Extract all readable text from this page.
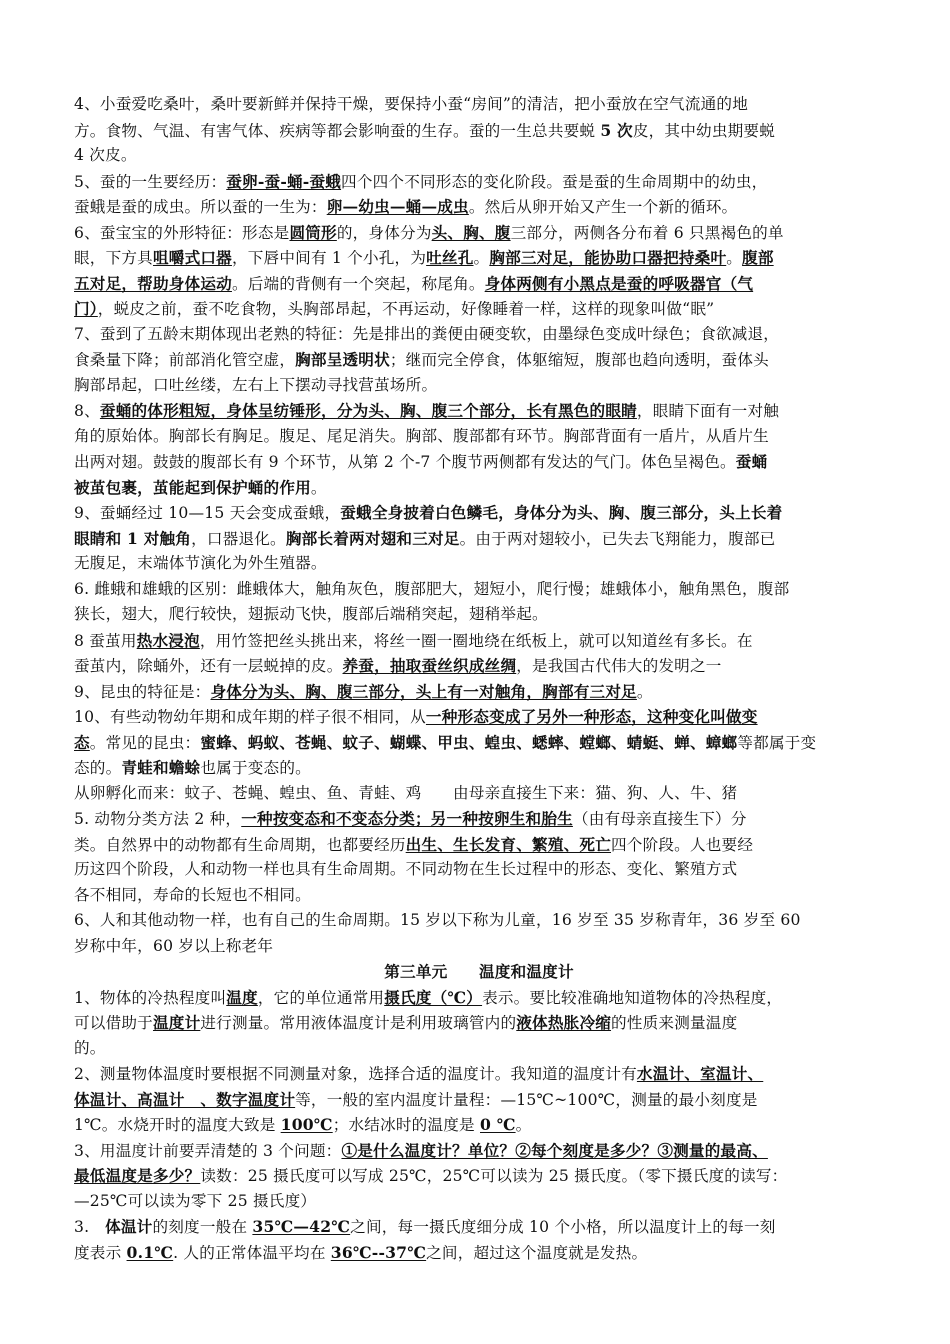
4、小蚕爱吃桑叶，桑叶要新鲜并保持干燥，要保持小蚕“房间”的清洁，把小蚕放在空气流通的地
方。食物、气温、有害气体、疾病等都会影响蚕的生存。蚕的一生总共要蜕 5 次皮，其中幼虫期要蜕
4 次皮。
5、蚕的一生要经历：蚕卵-蚕-蛹-蚕蛾四个四个不同形态的变化阶段。蚕是蚕的生命周期中的幼虫，
蚕蛾是蚕的成虫。所以蚕的一生为：卵—幼虫—蛹—成虫。然后从卵开始又产生一个新的循环。
6、蚕宝宝的外形特征：形态是圆筒形的，身体分为头、胸、腹三部分，两侧各分布着 6 只黑褐色的单
眼，下方具咀嚼式口器，下唇中间有 1 个小孔，为吐丝孔。胸部三对足，能协助口器把持桑叶。腹部
五对足，帮助身体运动。后端的背侧有一个突起，称尾角。身体两侧有小黑点是蚕的呼吸器官（气
门），蜕皮之前，蚕不吃食物，头胸部昂起，不再运动，好像睡着一样，这样的现象叫做“眠”
7、蚕到了五龄末期体现出老熟的特征：先是排出的粪便由硬变软，由墨绿色变成叶绿色；食欲减退，
食桑量下降；前部消化管空虚，胸部呈透明状；继而完全停食，体躯缩短，腹部也趋向透明，蚕体头
胸部昂起，口吐丝缕，左右上下摆动寻找营茧场所。
8、蚕蛹的体形粗短，身体呈纺锤形，分为头、胸、腹三个部分，长有黑色的眼睛，眼睛下面有一对触
角的原始体。胸部长有胸足。腹足、尾足消失。胸部、腹部都有环节。胸部背面有一盾片，从盾片生
出两对翅。鼓鼓的腹部长有 9 个环节，从第 2 个-7 个腹节两侧都有发达的气门。体色呈褐色。蚕蛹
被茧包裹，茧能起到保护蛹的作用。
9、蚕蛹经过 10—15 天会变成蚕蛾，蚕蛾全身披着白色鳞毛，身体分为头、胸、腹三部分，头上长着
眼睛和 1 对触角，口器退化。胸部长着两对翅和三对足。由于两对翅较小，已失去飞翔能力，腹部已
无腹足，末端体节演化为外生殖器。
6. 雌蛾和雄蛾的区别：雌蛾体大，触角灰色，腹部肥大，翅短小，爬行慢；雄蛾体小，触角黑色，腹部
狭长，翅大，爬行较快，翅振动飞快，腹部后端稍突起，翅稍举起。
8 蚕茧用热水浸泡，用竹签把丝头挑出来，将丝一圈一圈地绕在纸板上，就可以知道丝有多长。在
蚕茧内，除蛹外，还有一层蜕掉的皮。养蚕，抽取蚕丝织成丝绸，是我国古代伟大的发明之一
9、昆虫的特征是：身体分为头、胸、腹三部分，头上有一对触角，胸部有三对足。
10、有些动物幼年期和成年期的样子很不相同，从一种形态变成了另外一种形态，这种变化叫做变
态。常见的昆虫：蜜蜂、蚂蚁、苍蝇、蚊子、蝴蝶、甲虫、蝗虫、蟋蟀、螳螂、蜻蜓、蝉、蟑螂等都属于变
态的。青蛙和蟾蜍也属于变态的。
从卵孵化而来：蚊子、苍蝇、蝗虫、鱼、青蛙、鸡　　由母亲直接生下来：猫、狗、人、牛、猪
5. 动物分类方法 2 种，一种按变态和不变态分类；另一种按卵生和胎生（由有母亲直接生下）分
类。自然界中的动物都有生命周期，也都要经历出生、生长发育、繁殖、死亡四个阶段。人也要经
历这四个阶段，人和动物一样也具有生命周期。不同动物在生长过程中的形态、变化、繁殖方式
各不相同，寿命的长短也不相同。
6、人和其他动物一样，也有自己的生命周期。15 岁以下称为儿童，16 岁至 35 岁称青年，36 岁至 60
岁称中年，60 岁以上称老年
第三单元　　温度和温度计
1、物体的冷热程度叫温度，它的单位通常用摄氏度（℃）表示。要比较准确地知道物体的冷热程度，
可以借助于温度计进行测量。常用液体温度计是利用玻璃管内的液体热胀冷缩的性质来测量温度
的。
2、测量物体温度时要根据不同测量对象，选择合适的温度计。我知道的温度计有水温计、室温计、
体温计、高温计　、数字温度计等，一般的室内温度计量程：—15℃~100℃，测量的最小刻度是
1℃。水烧开时的温度大致是 100℃；水结冰时的温度是 0 ℃。
3、用温度计前要弄清楚的 3 个问题：①是什么温度计？单位？②每个刻度是多少？③测量的最高、
最低温度是多少？读数：25 摄氏度可以写成 25℃，25℃可以读为 25 摄氏度。（零下摄氏度的读写：
—25℃可以读为零下 25 摄氏度）
3.　体温计的刻度一般在 35℃—42℃之间，每一摄氏度细分成 10 个小格，所以温度计上的每一刻
度表示 0.1℃. 人的正常体温平均在 36℃--37℃之间，超过这个温度就是发热。
